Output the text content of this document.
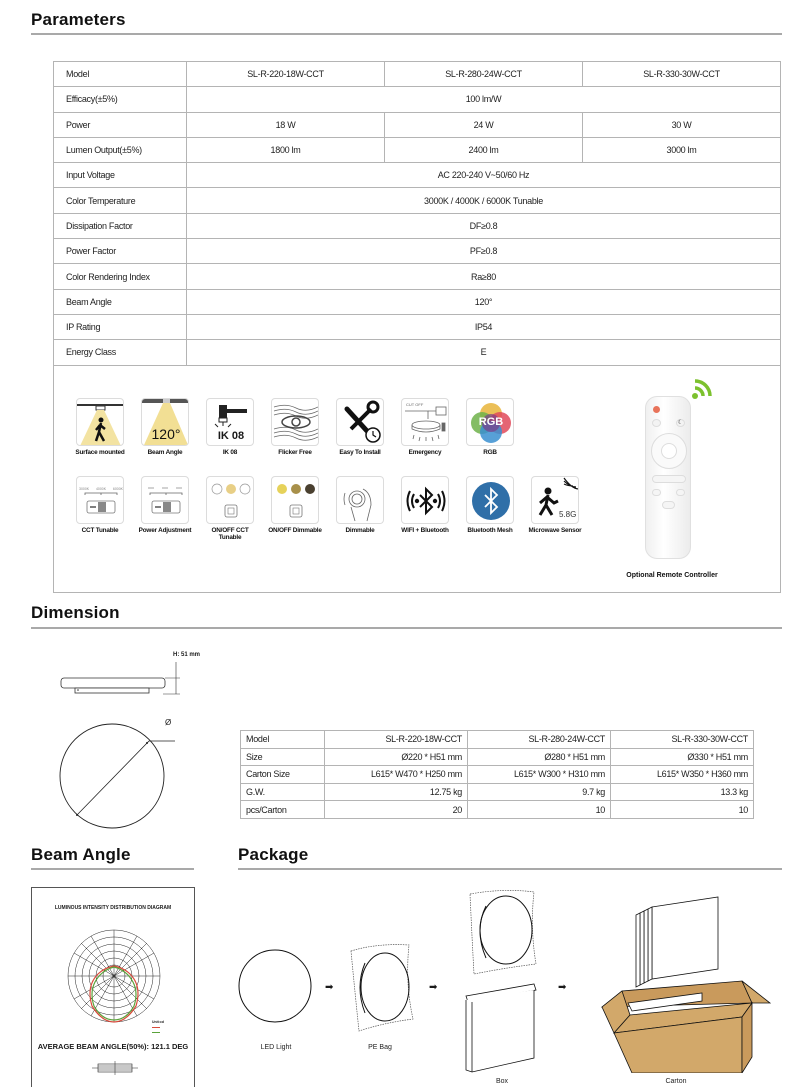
Parameters
Model	SL-R-220-18W-CCT	SL-R-280-24W-CCT	SL-R-330-30W-CCT
Efficacy(±5%)	100 lm/W		
Power	18 W	24 W	30 W
Lumen Output(±5%)	1800 lm	2400 lm	3000 lm
Input Voltage	AC 220-240 V~50/60 Hz		
Color Temperature	3000K / 4000K / 6000K Tunable		
Dissipation Factor	DF≥0.8		
Power Factor	PF≥0.8		
Color Rendering Index	Ra≥80		
Beam Angle	120°		
IP Rating	IP54		
Energy Class	E		
Surface mounted
120°
Beam Angle
IK 08
IK 08	Flicker Free	Easy To Install
CUT OFF
Emergency
RGB
RGB
3000K 4000K 6000K
CCT Tunable	Power Adjustment	ON/OFF CCT Tunable
ON/OFF Dimmable	Dimmable	WIFI + Bluetooth	Bluetooth Mesh
5.8G
Microwave Sensor
☾
Optional Remote Controller
Dimension
H: 51 mm
Ø
Model	SL-R-220-18W-CCT	SL-R-280-24W-CCT	SL-R-330-30W-CCT
Size	Ø220 * H51 mm	Ø280 * H51 mm	Ø330 * H51 mm
Carton Size	L615* W470 * H250 mm	L615* W300 * H310 mm	L615* W350 * H360 mm
G.W.	12.75 kg	9.7 kg	13.3 kg
pcs/Carton	20	10	10
Beam Angle
LUMINOUS INTENSITY DISTRIBUTION DIAGRAM
Unit:cd
AVERAGE BEAM ANGLE(50%): 121.1 DEG
Package
LED Light
➡
PE Bag
➡
Box
➡
Carton
